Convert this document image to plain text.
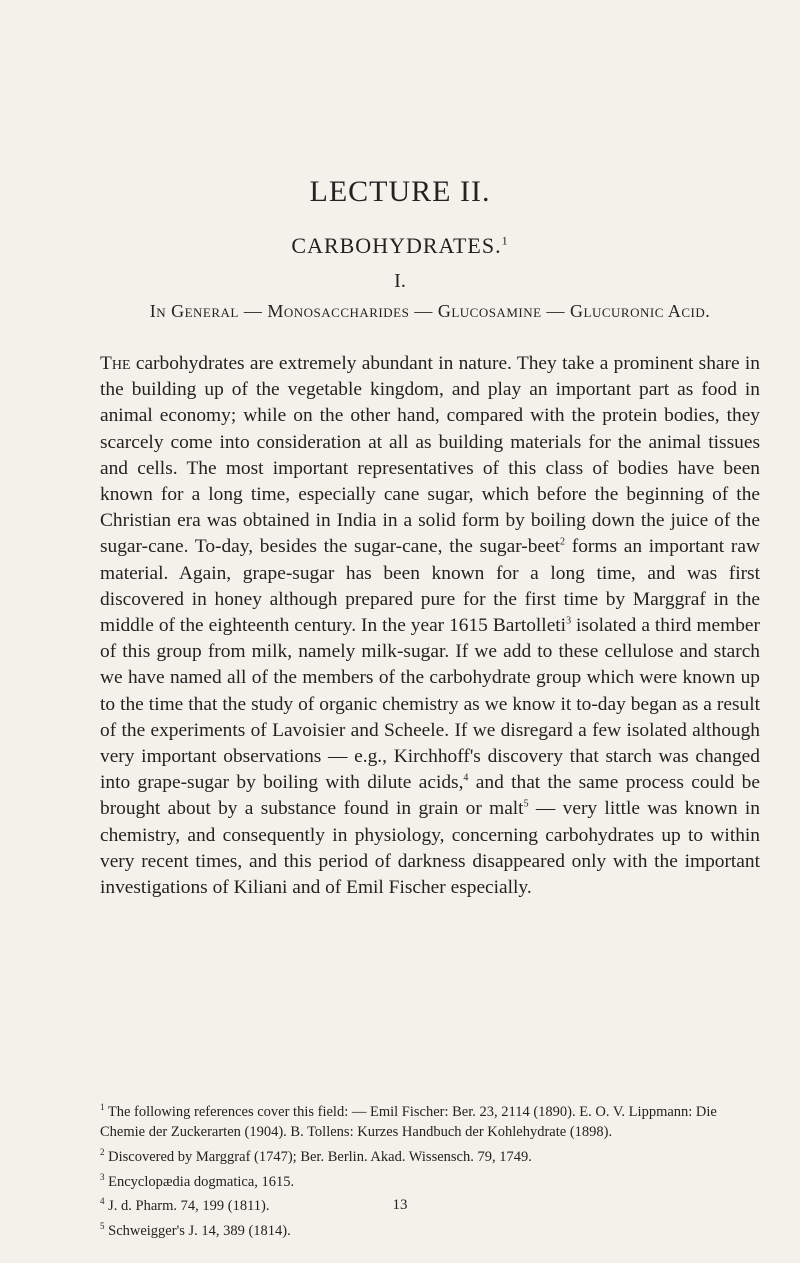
LECTURE II.
CARBOHYDRATES.$^1$
I.
In General — Monosaccharides — Glucosamine — Glucuronic Acid.
The carbohydrates are extremely abundant in nature. They take a prominent share in the building up of the vegetable kingdom, and play an important part as food in animal economy; while on the other hand, compared with the protein bodies, they scarcely come into consideration at all as building materials for the animal tissues and cells. The most important representatives of this class of bodies have been known for a long time, especially cane sugar, which before the beginning of the Christian era was obtained in India in a solid form by boiling down the juice of the sugar-cane. To-day, besides the sugar-cane, the sugar-beet$^2$ forms an important raw material. Again, grape-sugar has been known for a long time, and was first discovered in honey although prepared pure for the first time by Marggraf in the middle of the eighteenth century. In the year 1615 Bartolleti$^3$ isolated a third member of this group from milk, namely milk-sugar. If we add to these cellulose and starch we have named all of the members of the carbohydrate group which were known up to the time that the study of organic chemistry as we know it to-day began as a result of the experiments of Lavoisier and Scheele. If we disregard a few isolated although very important observations — e.g., Kirchhoff's discovery that starch was changed into grape-sugar by boiling with dilute acids,$^4$ and that the same process could be brought about by a substance found in grain or malt$^5$ — very little was known in chemistry, and consequently in physiology, concerning carbohydrates up to within very recent times, and this period of darkness disappeared only with the important investigations of Kiliani and of Emil Fischer especially.
$^1$ The following references cover this field: — Emil Fischer: Ber. 23, 2114 (1890). E. O. V. Lippmann: Die Chemie der Zuckerarten (1904). B. Tollens: Kurzes Handbuch der Kohlehydrate (1898).
$^2$ Discovered by Marggraf (1747); Ber. Berlin. Akad. Wissensch. 79, 1749.
$^3$ Encyclopædia dogmatica, 1615.
$^4$ J. d. Pharm. 74, 199 (1811).
$^5$ Schweigger's J. 14, 389 (1814).
13
